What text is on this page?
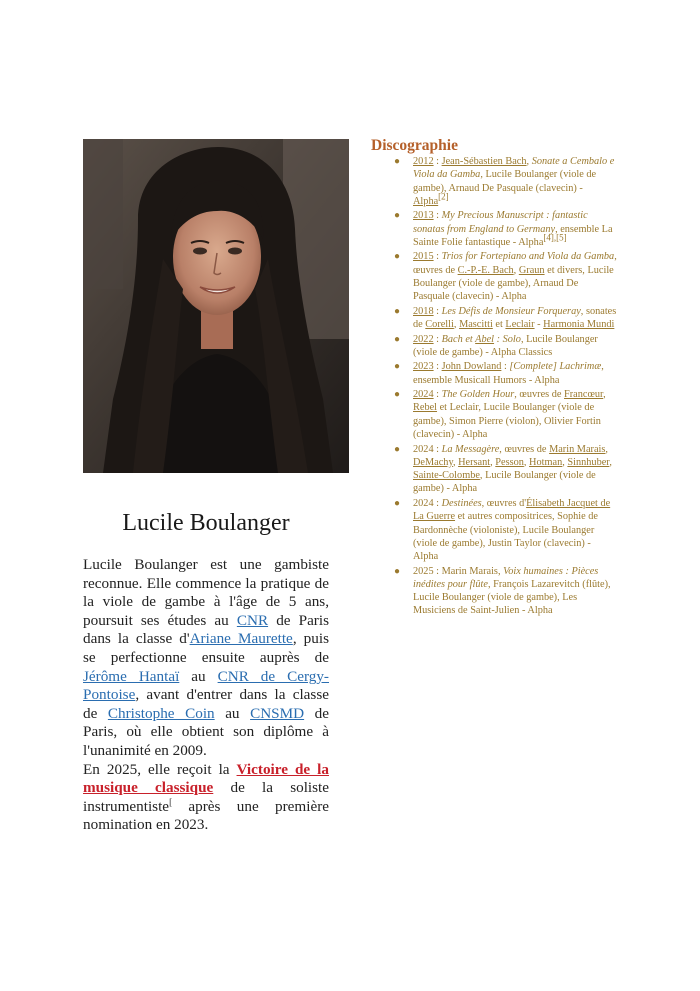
Lucile Boulanger

Lucile Boulanger est une gambiste reconnue. Elle commence la pratique de la viole de gambe à l'âge de 5 ans, poursuit ses études au CNR de Paris dans la classe d'Ariane Maurette, puis se perfectionne ensuite auprès de Jérôme Hantaï au CNR de Cergy-Pontoise, avant d'entrer dans la classe de Christophe Coin au CNSMD de Paris, où elle obtient son diplôme à l'unanimité en 2009.
En 2025, elle reçoit la Victoire de la musique classique de la soliste instrumentiste[ après une première nomination en 2023.

Discographie
● 2012 : Jean-Sébastien Bach, Sonate a Cembalo e Viola da Gamba, Lucile Boulanger (viole de gambe), Arnaud De Pasquale (clavecin) - Alpha[2]
● 2013 : My Precious Manuscript : fantastic sonatas from England to Germany, ensemble La Sainte Folie fantastique - Alpha[4],[5]
● 2015 : Trios for Fortepiano and Viola da Gamba, œuvres de C.-P.-E. Bach, Graun et divers, Lucile Boulanger (viole de gambe), Arnaud De Pasquale (clavecin) - Alpha
● 2018 : Les Défis de Monsieur Forqueray, sonates de Corelli, Mascitti et Leclair - Harmonia Mundi
● 2022 : Bach et Abel : Solo, Lucile Boulanger (viole de gambe) - Alpha Classics
● 2023 : John Dowland : [Complete] Lachrimæ, ensemble Musicall Humors - Alpha
● 2024 : The Golden Hour, œuvres de Francœur, Rebel et Leclair, Lucile Boulanger (viole de gambe), Simon Pierre (violon), Olivier Fortin (clavecin) - Alpha
● 2024 : La Messagère, œuvres de Marin Marais, DeMachy, Hersant, Pesson, Hotman, Sinnhuber, Sainte-Colombe, Lucile Boulanger (viole de gambe) - Alpha
● 2024 : Destinées, œuvres d'Élisabeth Jacquet de La Guerre et autres compositrices, Sophie de Bardonnèche (violoniste), Lucile Boulanger (viole de gambe), Justin Taylor (clavecin) - Alpha
● 2025 : Marin Marais, Voix humaines : Pièces inédites pour flûte, François Lazarevitch (flûte), Lucile Boulanger (viole de gambe), Les Musiciens de Saint-Julien - Alpha
